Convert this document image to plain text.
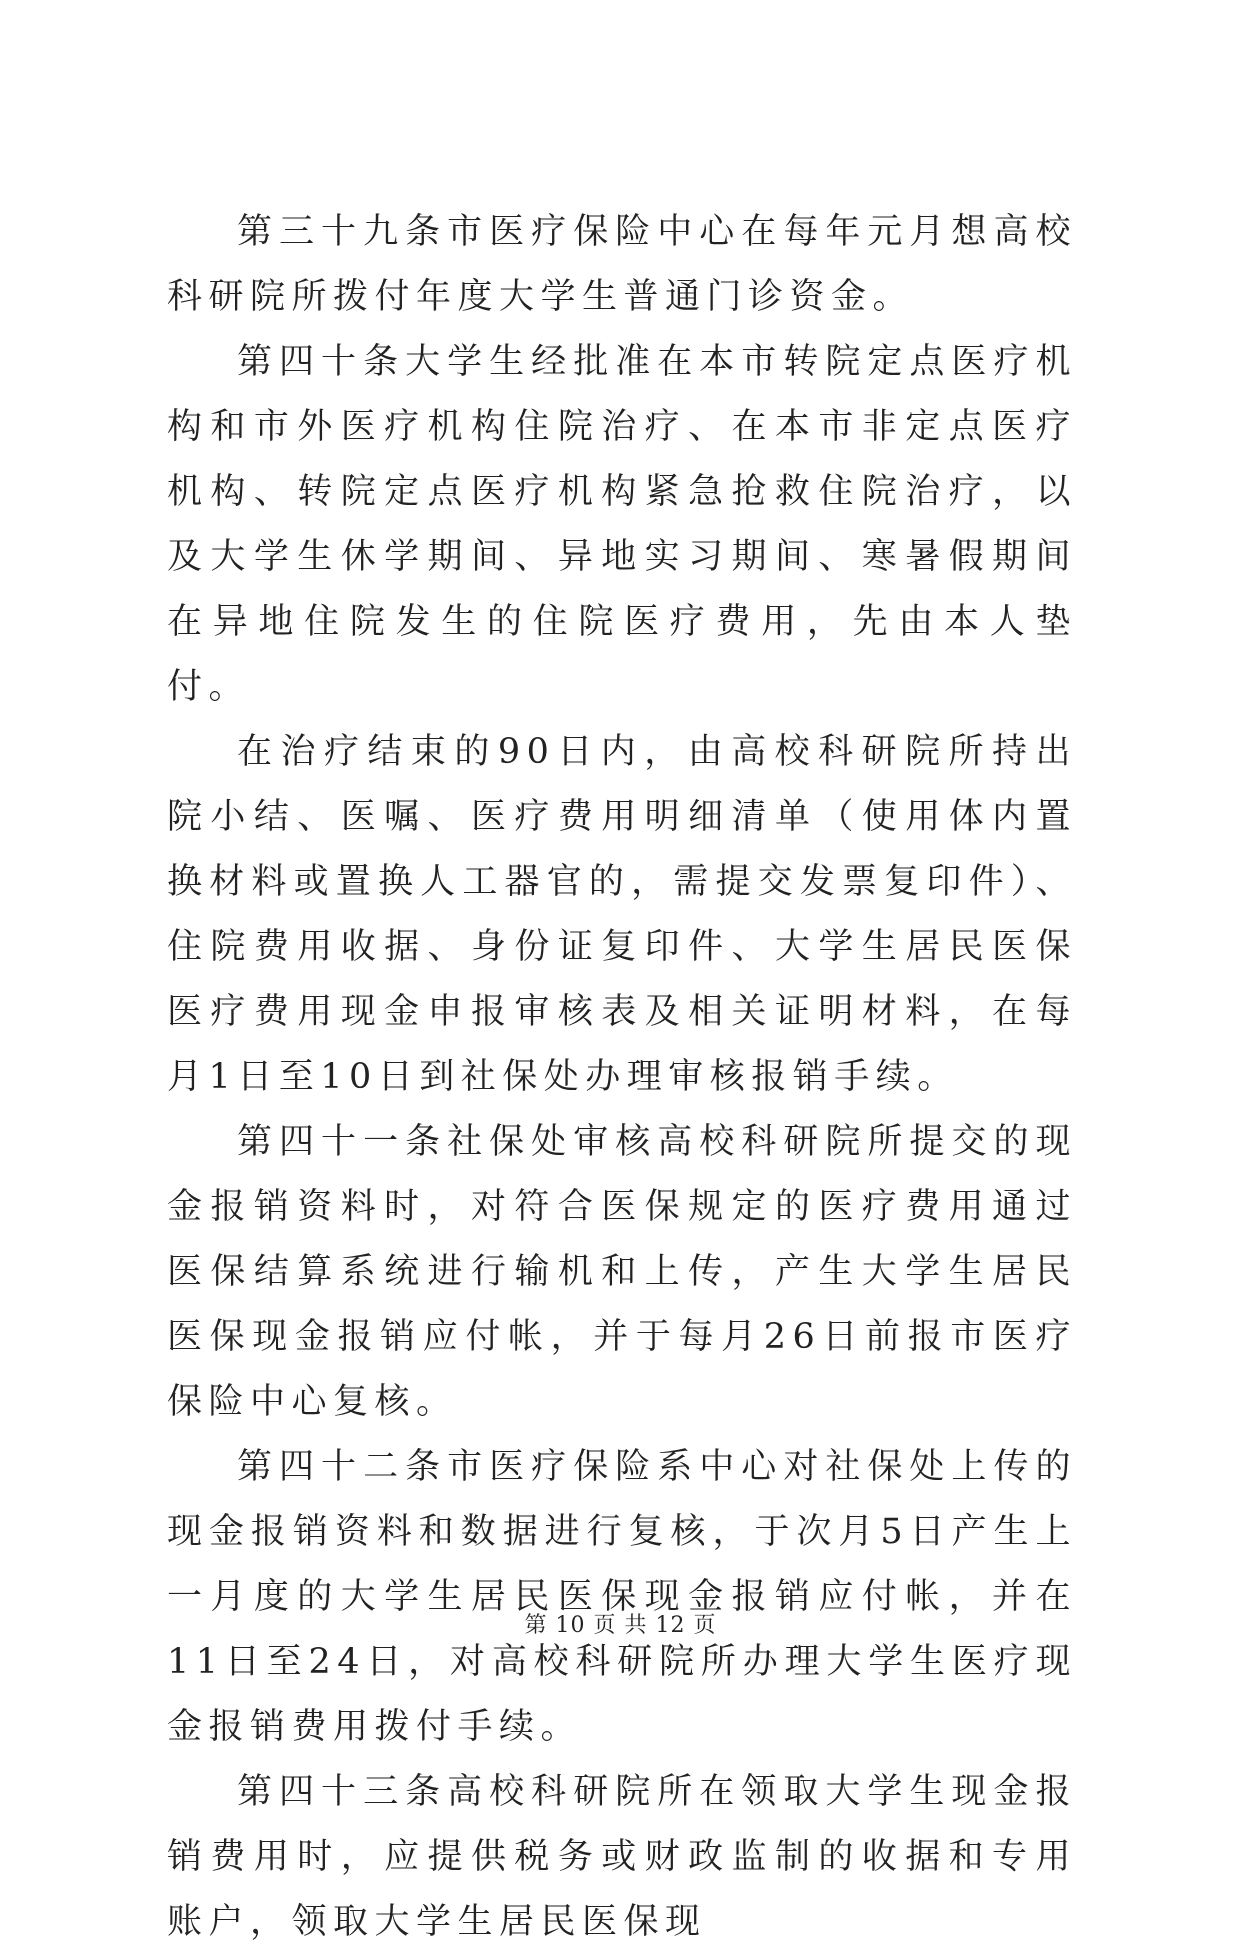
第三十九条市医疗保险中心在每年元月想高校科研院所拨付年度大学生普通门诊资金。

第四十条大学生经批准在本市转院定点医疗机构和市外医疗机构住院治疗、在本市非定点医疗机构、转院定点医疗机构紧急抢救住院治疗，以及大学生休学期间、异地实习期间、寒暑假期间在异地住院发生的住院医疗费用，先由本人垫付。

在治疗结束的90日内，由高校科研院所持出院小结、医嘱、医疗费用明细清单（使用体内置换材料或置换人工器官的，需提交发票复印件）、住院费用收据、身份证复印件、大学生居民医保医疗费用现金申报审核表及相关证明材料，在每月1日至10日到社保处办理审核报销手续。

第四十一条社保处审核高校科研院所提交的现金报销资料时，对符合医保规定的医疗费用通过医保结算系统进行输机和上传，产生大学生居民医保现金报销应付帐，并于每月26日前报市医疗保险中心复核。

第四十二条市医疗保险系中心对社保处上传的现金报销资料和数据进行复核，于次月5日产生上一月度的大学生居民医保现金报销应付帐，并在11日至24日，对高校科研院所办理大学生医疗现金报销费用拨付手续。

第四十三条高校科研院所在领取大学生现金报销费用时，应提供税务或财政监制的收据和专用账户，领取大学生居民医保现

第 10 页 共 12 页
